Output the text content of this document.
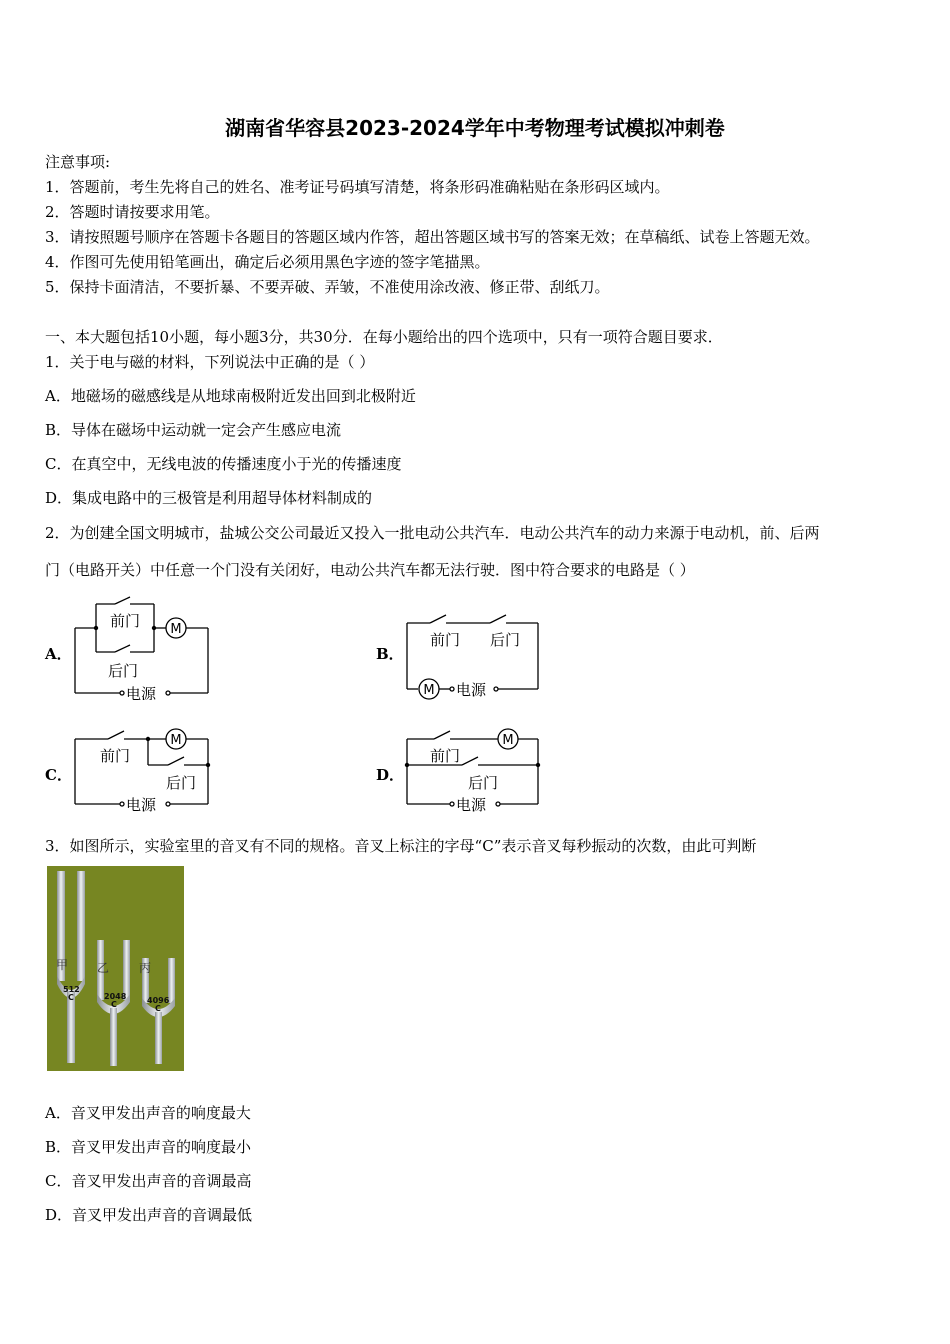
湖南省华容县2023-2024学年中考物理考试模拟冲刺卷
注意事项:
1．答题前，考生先将自己的姓名、准考证号码填写清楚，将条形码准确粘贴在条形码区域内。
2．答题时请按要求用笔。
3．请按照题号顺序在答题卡各题目的答题区域内作答，超出答题区域书写的答案无效；在草稿纸、试卷上答题无效。
4．作图可先使用铅笔画出，确定后必须用黑色字迹的签字笔描黑。
5．保持卡面清洁，不要折暴、不要弄破、弄皱，不准使用涂改液、修正带、刮纸刀。
一、本大题包括10小题，每小题3分，共30分．在每小题给出的四个选项中，只有一项符合题目要求．
1．关于电与磁的材料，下列说法中正确的是（ ）
A．地磁场的磁感线是从地球南极附近发出回到北极附近
B．导体在磁场中运动就一定会产生感应电流
C．在真空中，无线电波的传播速度小于光的传播速度
D．集成电路中的三极管是利用超导体材料制成的
2．为创建全国文明城市，盐城公交公司最近又投入一批电动公共汽车．电动公共汽车的动力来源于电动机，前、后两
门（电路开关）中任意一个门没有关闭好，电动公共汽车都无法行驶．图中符合要求的电路是（ ）
A．
M
前门
后门
电源
B．
M
前门 后门
电源
C．
M
前门
后门
电源
D．
M
前门
后门
电源
3．如图所示，实验室里的音叉有不同的规格。音叉上标注的字母“C”表示音叉每秒振动的次数，由此可判断
甲
512
C
乙
2048
C
丙
4096
C
A．音叉甲发出声音的响度最大
B．音叉甲发出声音的响度最小
C．音叉甲发出声音的音调最高
D．音叉甲发出声音的音调最低
